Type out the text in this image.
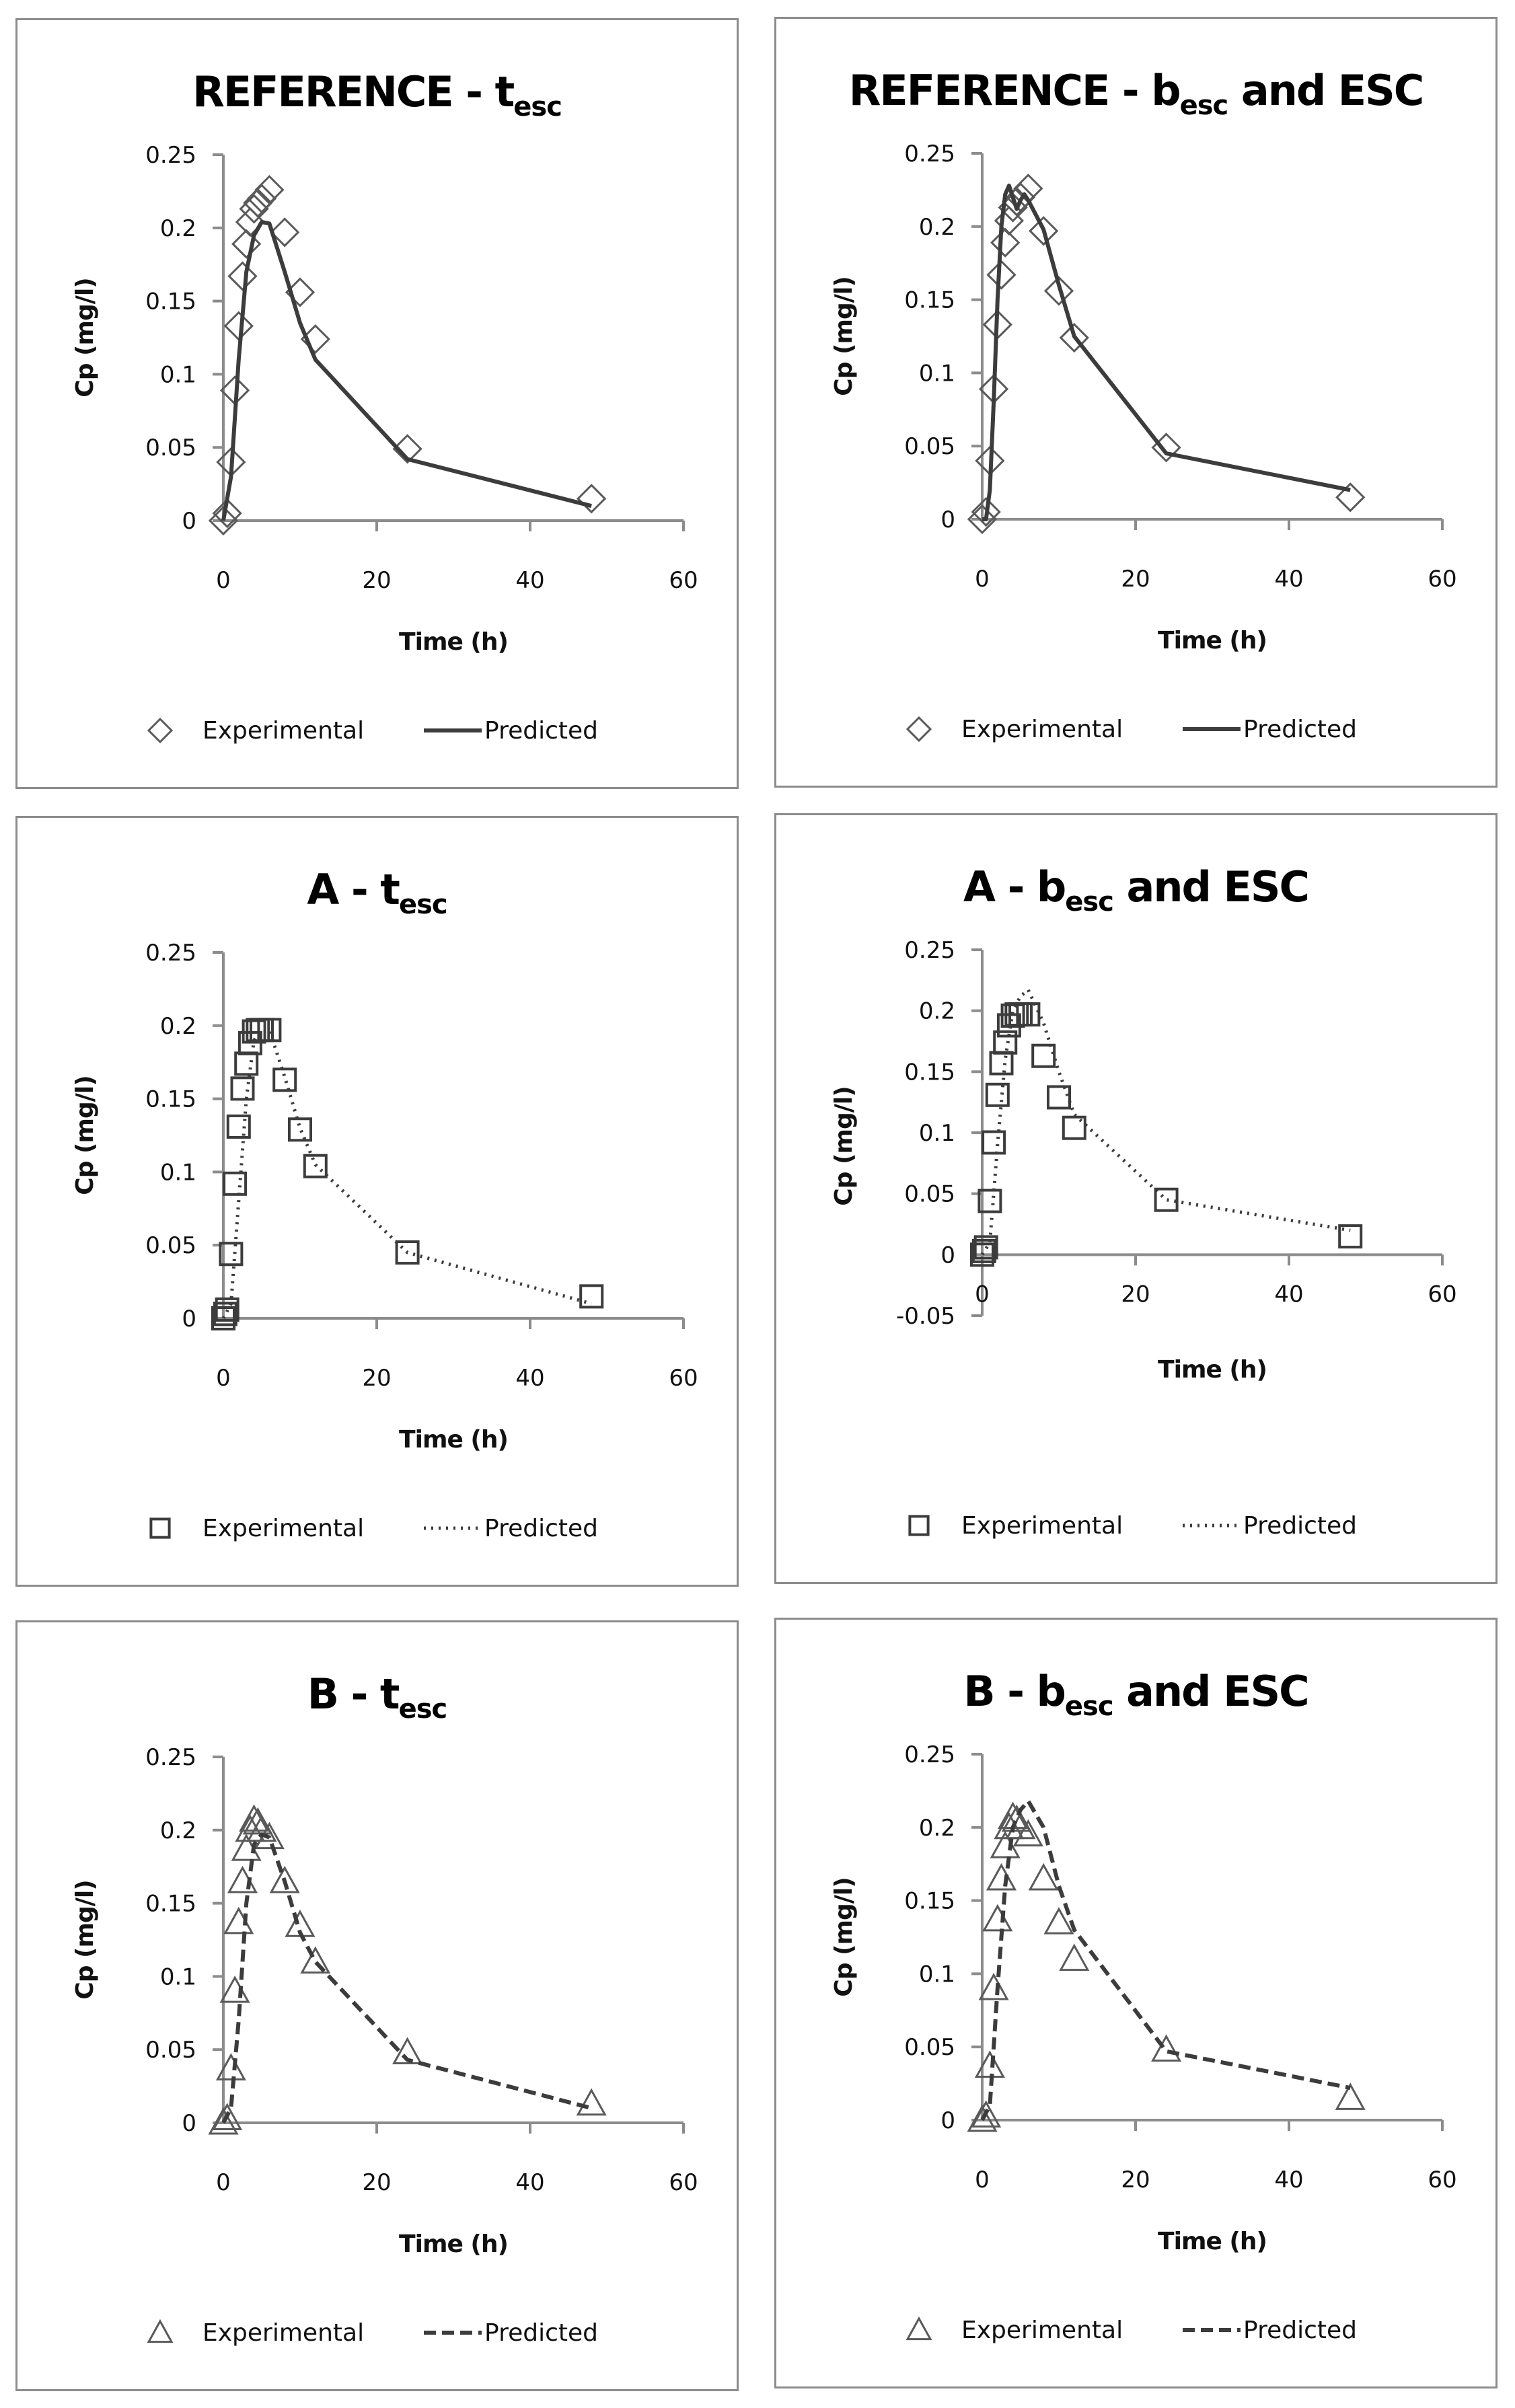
REFERENCE - $t_{esc}$
0
0.05
0.1
0.15
0.2
0.25
0	20	40	60
Time (h)
Cp (mg/l)
Experimental	Predicted
REFERENCE - $b_{esc}$ and ESC
0
0.05
0.1
0.15
0.2
0.25
0	20	40	60
Time (h)
Cp (mg/l)
Experimental	Predicted
A - $t_{esc}$
0
0.05
0.1
0.15
0.2
0.25
0	20	40	60
Time (h)
Cp (mg/l)
Experimental	Predicted
A - $b_{esc}$ and ESC
-0.05
0
0.05
0.1
0.15
0.2
0.25
0	20	40	60
Time (h)
Cp (mg/l)
Experimental	Predicted
B - $t_{esc}$
0
0.05
0.1
0.15
0.2
0.25
0	20	40	60
Time (h)
Cp (mg/l)
Experimental	Predicted
B - $b_{esc}$ and ESC
0
0.05
0.1
0.15
0.2
0.25
0	20	40	60
Time (h)
Cp (mg/l)
Experimental	Predicted
